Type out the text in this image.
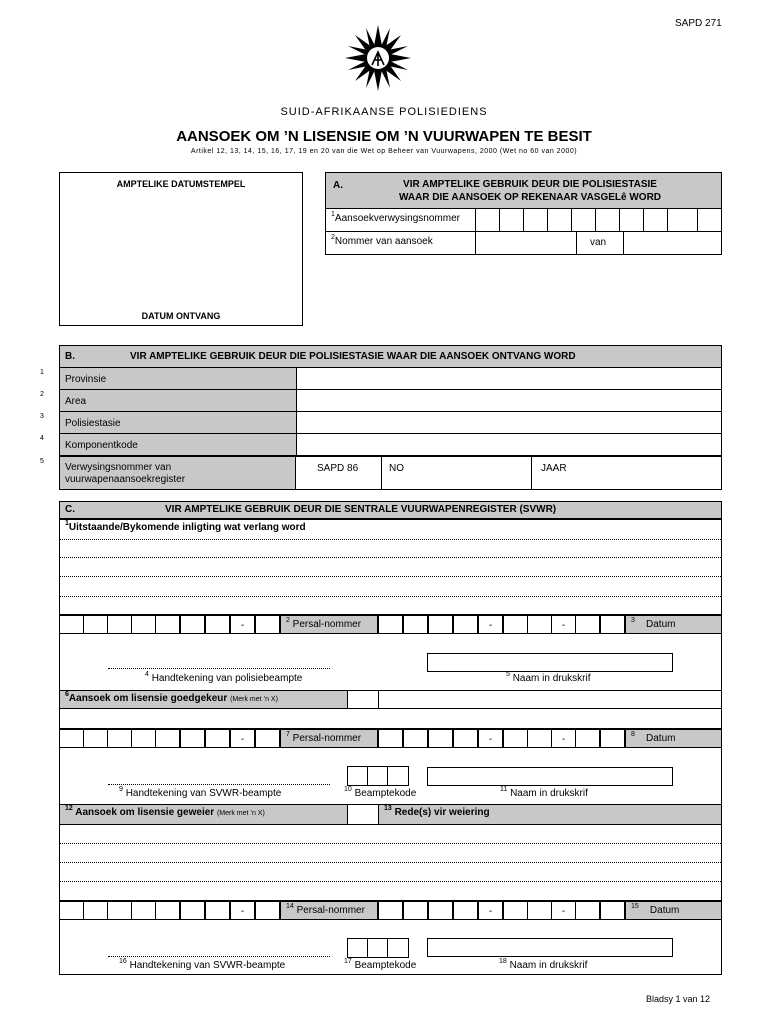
SAPD 271
SUID-AFRIKAANSE POLISIEDIENS
AANSOEK OM ’N LISENSIE OM ’N VUURWAPEN TE BESIT
Artikel 12, 13, 14, 15, 16, 17, 19 en 20 van die Wet op Beheer van Vuurwapens, 2000 (Wet no 60 van 2000)
AMPTELIKE DATUMSTEMPEL
DATUM ONTVANG
A.	VIR AMPTELIKE GEBRUIK DEUR DIE POLISIESTASIE
WAAR DIE AANSOEK OP REKENAAR VASGELê WORD
$^1$Aansoekverwysingsnommer
$^2$Nommer van aansoek	van
B.	VIR AMPTELIKE GEBRUIK DEUR DIE POLISIESTASIE WAAR DIE AANSOEK ONTVANG WORD
Provinsie
1
Area
2
Polisiestasie
3
Komponentkode
4
5
Verwysingsnommer van
vuurwapenaansoekregister
SAPD 86	NO	JAAR
C.	VIR AMPTELIKE GEBRUIK DEUR DIE SENTRALE VUURWAPENREGISTER (SVWR)
$^1$Uitstaande/Bykomende inligting wat verlang word
-	$^2$ Persal-nommer	-	-	$^3$    Datum
$^4$ Handtekening van polisiebeampte	$^5$ Naam in drukskrif
$^6$Aansoek om lisensie goedgekeur (Merk met ’n X)
-	$^7$ Persal-nommer	-	-	$^8$    Datum
$^9$ Handtekening van SVWR-beampte	$^{10}$ Beamptekode	$^{11}$ Naam in drukskrif
$^{12}$ Aansoek om lisensie geweier (Merk met ’n X)
$^{13}$ Rede(s) vir weiering
-	$^{14}$ Persal-nommer	-	-	$^{15}$    Datum
$^{16}$ Handtekening van SVWR-beampte	$^{17}$ Beamptekode	$^{18}$ Naam in drukskrif
Bladsy 1 van 12
